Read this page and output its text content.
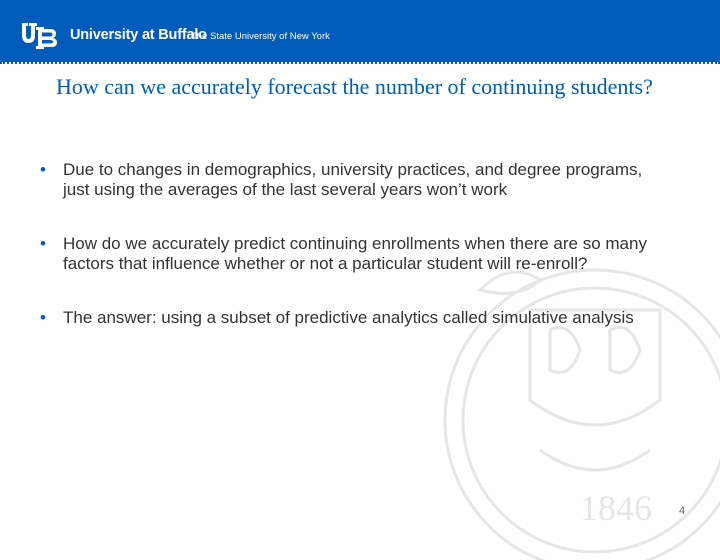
University at Buffalo
The State University of New York
1846
How can we accurately forecast the number of continuing students?
• Due to changes in demographics, university practices, and degree programs, just using the averages of the last several years won’t work
• How do we accurately predict continuing enrollments when there are so many factors that influence whether or not a particular student will re-enroll?
• The answer: using a subset of predictive analytics called simulative analysis
4
